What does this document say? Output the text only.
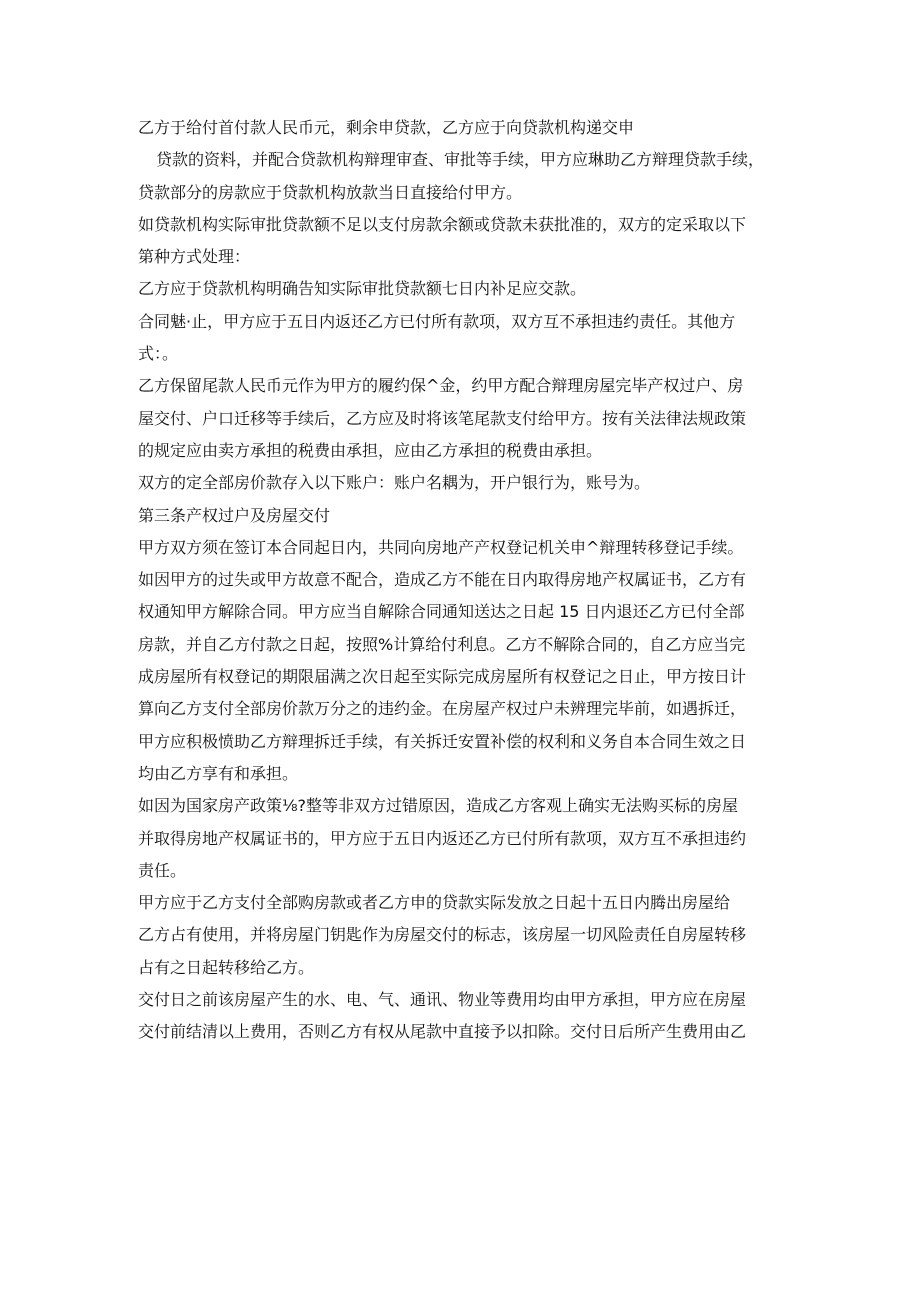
乙方于给付首付款人民币元，剩余申贷款，乙方应于向贷款机构递交申
贷款的资料，并配合贷款机构辩理审查、审批等手续，甲方应琳助乙方辩理贷款手续，
贷款部分的房款应于贷款机构放款当日直接给付甲方。
如贷款机构实际审批贷款额不足以支付房款余额或贷款未获批准的，双方的定采取以下
第种方式处理：
乙方应于贷款机构明确告知实际审批贷款额七日内补足应交款。
合同魅·止，甲方应于五日内返还乙方已付所有款项，双方互不承担违约责任。其他方
式：。
乙方保留尾款人民币元作为甲方的履约保^金，约甲方配合辩理房屋完毕产权过户、房
屋交付、户口迁移等手续后，乙方应及时将该笔尾款支付给甲方。按有关法律法规政策
的规定应由卖方承担的税费由承担，应由乙方承担的税费由承担。
双方的定全部房价款存入以下账户：账户名耦为，开户银行为，账号为。
第三条产权过户及房屋交付
甲方双方须在签订本合同起日内，共同向房地产产权登记机关申^辩理转移登记手续。
如因甲方的过失或甲方故意不配合，造成乙方不能在日内取得房地产权属证书，乙方有
权通知甲方解除合同。甲方应当自解除合同通知送达之日起 15 日内退还乙方已付全部
房款，并自乙方付款之日起，按照%计算给付利息。乙方不解除合同的，自乙方应当完
成房屋所有权登记的期限届满之次日起至实际完成房屋所有权登记之日止，甲方按日计
算向乙方支付全部房价款万分之的违约金。在房屋产权过户未辨理完毕前，如遇拆迁，
甲方应积极愤助乙方辩理拆迁手续，有关拆迁安置补偿的权利和义务自本合同生效之日
均由乙方享有和承担。
如因为国家房产政策⅛?整等非双方过错原因，造成乙方客观上确实无法购买标的房屋
并取得房地产权属证书的，甲方应于五日内返还乙方已付所有款项，双方互不承担违约
责任。
甲方应于乙方支付全部购房款或者乙方申的贷款实际发放之日起十五日内腾出房屋给
乙方占有使用，并将房屋门钥匙作为房屋交付的标志，该房屋一切风险责任自房屋转移
占有之日起转移给乙方。
交付日之前该房屋产生的水、电、气、通讯、物业等费用均由甲方承担，甲方应在房屋
交付前结清以上费用，否则乙方有权从尾款中直接予以扣除。交付日后所产生费用由乙
